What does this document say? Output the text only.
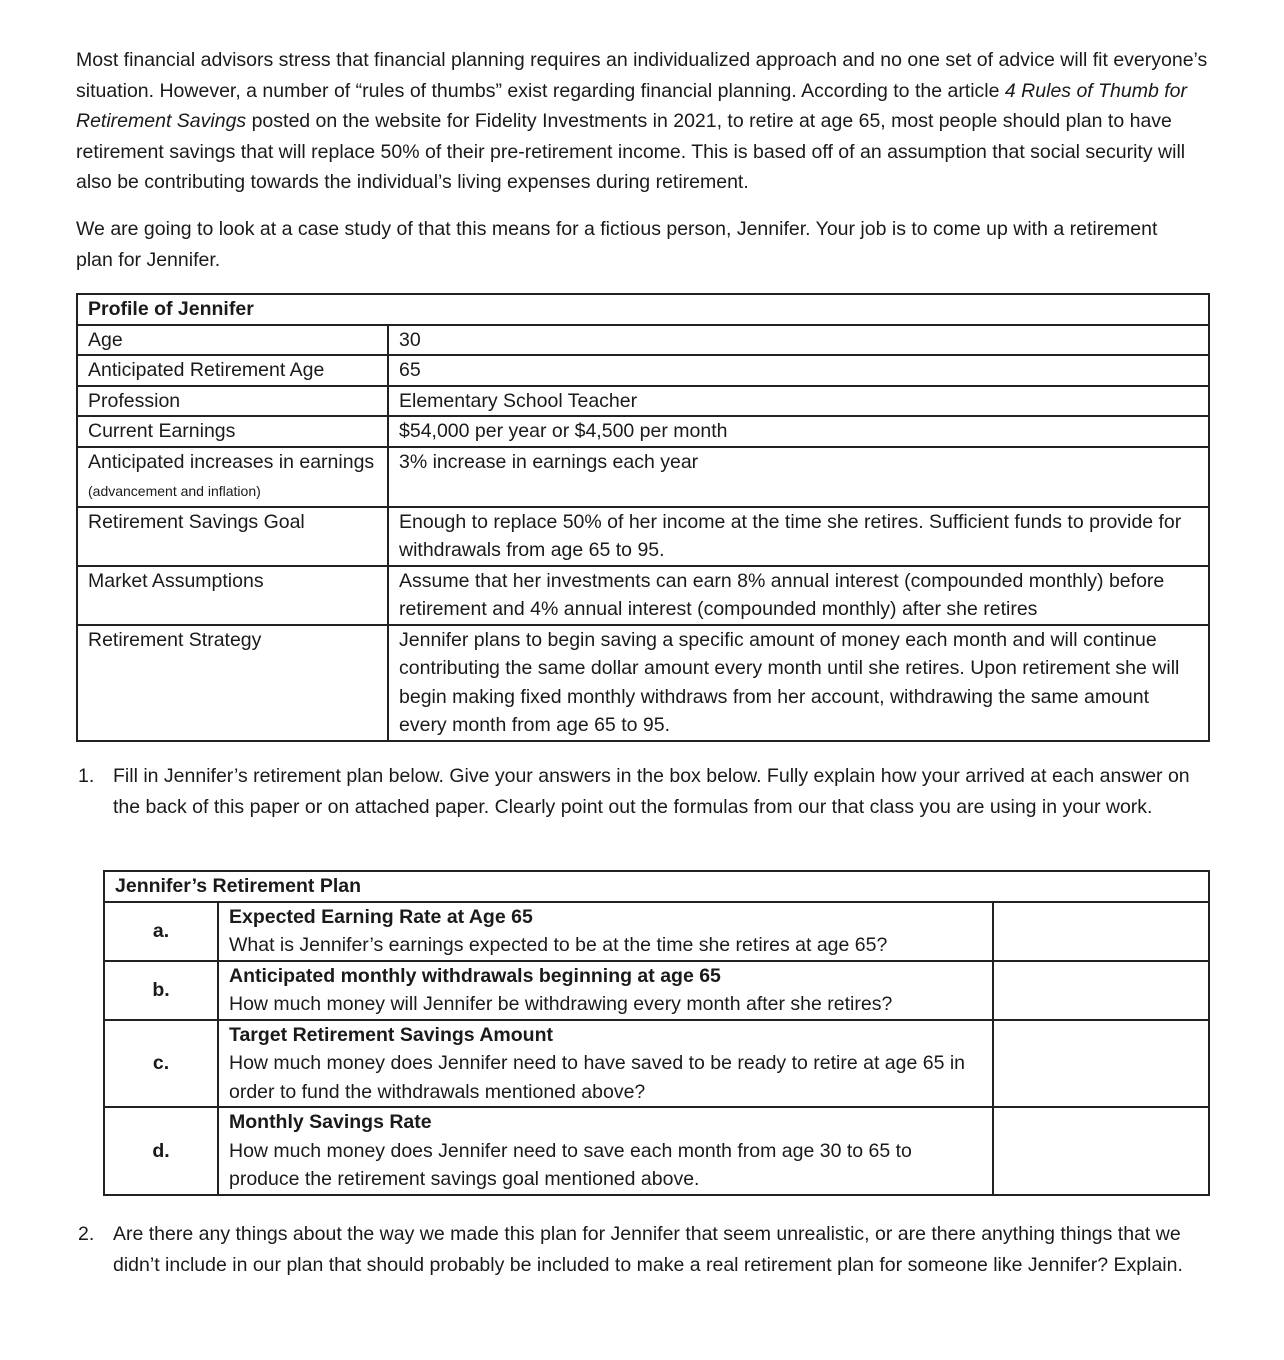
Most financial advisors stress that financial planning requires an individualized approach and no one set of advice will fit everyone’s situation. However, a number of “rules of thumbs” exist regarding financial planning. According to the article 4 Rules of Thumb for Retirement Savings posted on the website for Fidelity Investments in 2021, to retire at age 65, most people should plan to have retirement savings that will replace 50% of their pre-retirement income. This is based off of an assumption that social security will also be contributing towards the individual’s living expenses during retirement.

We are going to look at a case study of that this means for a fictious person, Jennifer. Your job is to come up with a retirement plan for Jennifer.

Profile of Jennifer	
Age	30
Anticipated Retirement Age	65
Profession	Elementary School Teacher
Current Earnings	$54,000 per year or $4,500 per month
Anticipated increases in earnings (advancement and inflation)	3% increase in earnings each year
Retirement Savings Goal	Enough to replace 50% of her income at the time she retires. Sufficient funds to provide for withdrawals from age 65 to 95.
Market Assumptions	Assume that her investments can earn 8% annual interest (compounded monthly) before retirement and 4% annual interest (compounded monthly) after she retires
Retirement Strategy	Jennifer plans to begin saving a specific amount of money each month and will continue contributing the same dollar amount every month until she retires. Upon retirement she will begin making fixed monthly withdraws from her account, withdrawing the same amount every month from age 65 to 95.
1. Fill in Jennifer’s retirement plan below. Give your answers in the box below. Fully explain how your arrived at each answer on the back of this paper or on attached paper. Clearly point out the formulas from our that class you are using in your work.
Jennifer’s Retirement Plan		
a.	Expected Earning Rate at Age 65
What is Jennifer’s earnings expected to be at the time she retires at age 65?	
b.	Anticipated monthly withdrawals beginning at age 65
How much money will Jennifer be withdrawing every month after she retires?	
c.	Target Retirement Savings Amount
How much money does Jennifer need to have saved to be ready to retire at age 65 in order to fund the withdrawals mentioned above?	
d.	Monthly Savings Rate
How much money does Jennifer need to save each month from age 30 to 65 to produce the retirement savings goal mentioned above.	
2. Are there any things about the way we made this plan for Jennifer that seem unrealistic, or are there anything things that we didn’t include in our plan that should probably be included to make a real retirement plan for someone like Jennifer? Explain.
